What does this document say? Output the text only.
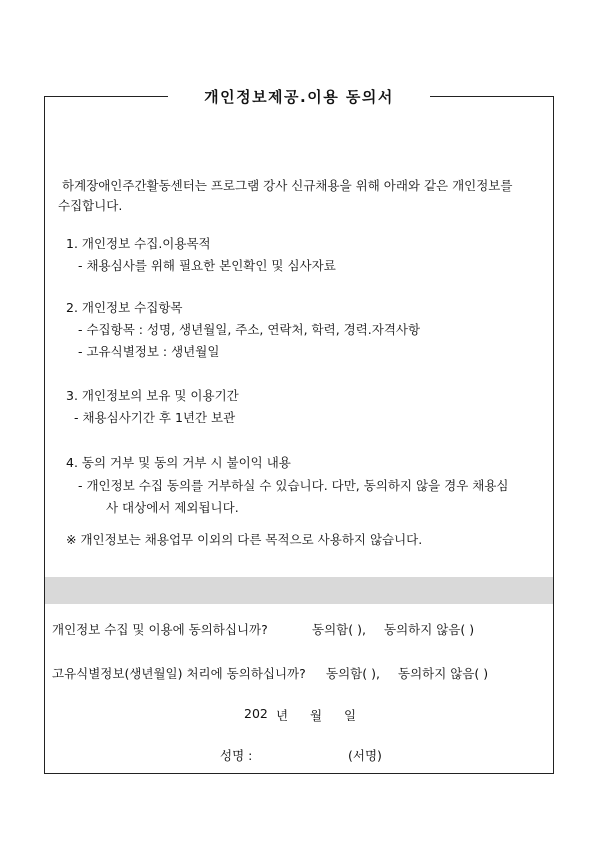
개인정보제공.이용 동의서
하계장애인주간활동센터는 프로그램 강사 신규채용을 위해 아래와 같은 개인정보를
수집합니다.
1. 개인정보 수집.이용목적
- 채용심사를 위해 필요한 본인확인 및 심사자료
2. 개인정보 수집항목
- 수집항목 : 성명, 생년월일, 주소, 연락처, 학력, 경력.자격사항
- 고유식별정보 : 생년월일
3. 개인정보의 보유 및 이용기간
- 채용심사기간 후 1년간 보관
4. 동의 거부 및 동의 거부 시 불이익 내용
- 개인정보 수집 동의를 거부하실 수 있습니다. 다만, 동의하지 않을 경우 채용심
사 대상에서 제외됩니다.
※ 개인정보는 채용업무 이외의 다른 목적으로 사용하지 않습니다.
개인정보 수집 및 이용에 동의하십니까?	동의함( ), 동의하지 않음( )
고유식별정보(생년월일) 처리에 동의하십니까? 동의함( ), 동의하지 않음( )
202 년 월 일
성명 :	(서명)
